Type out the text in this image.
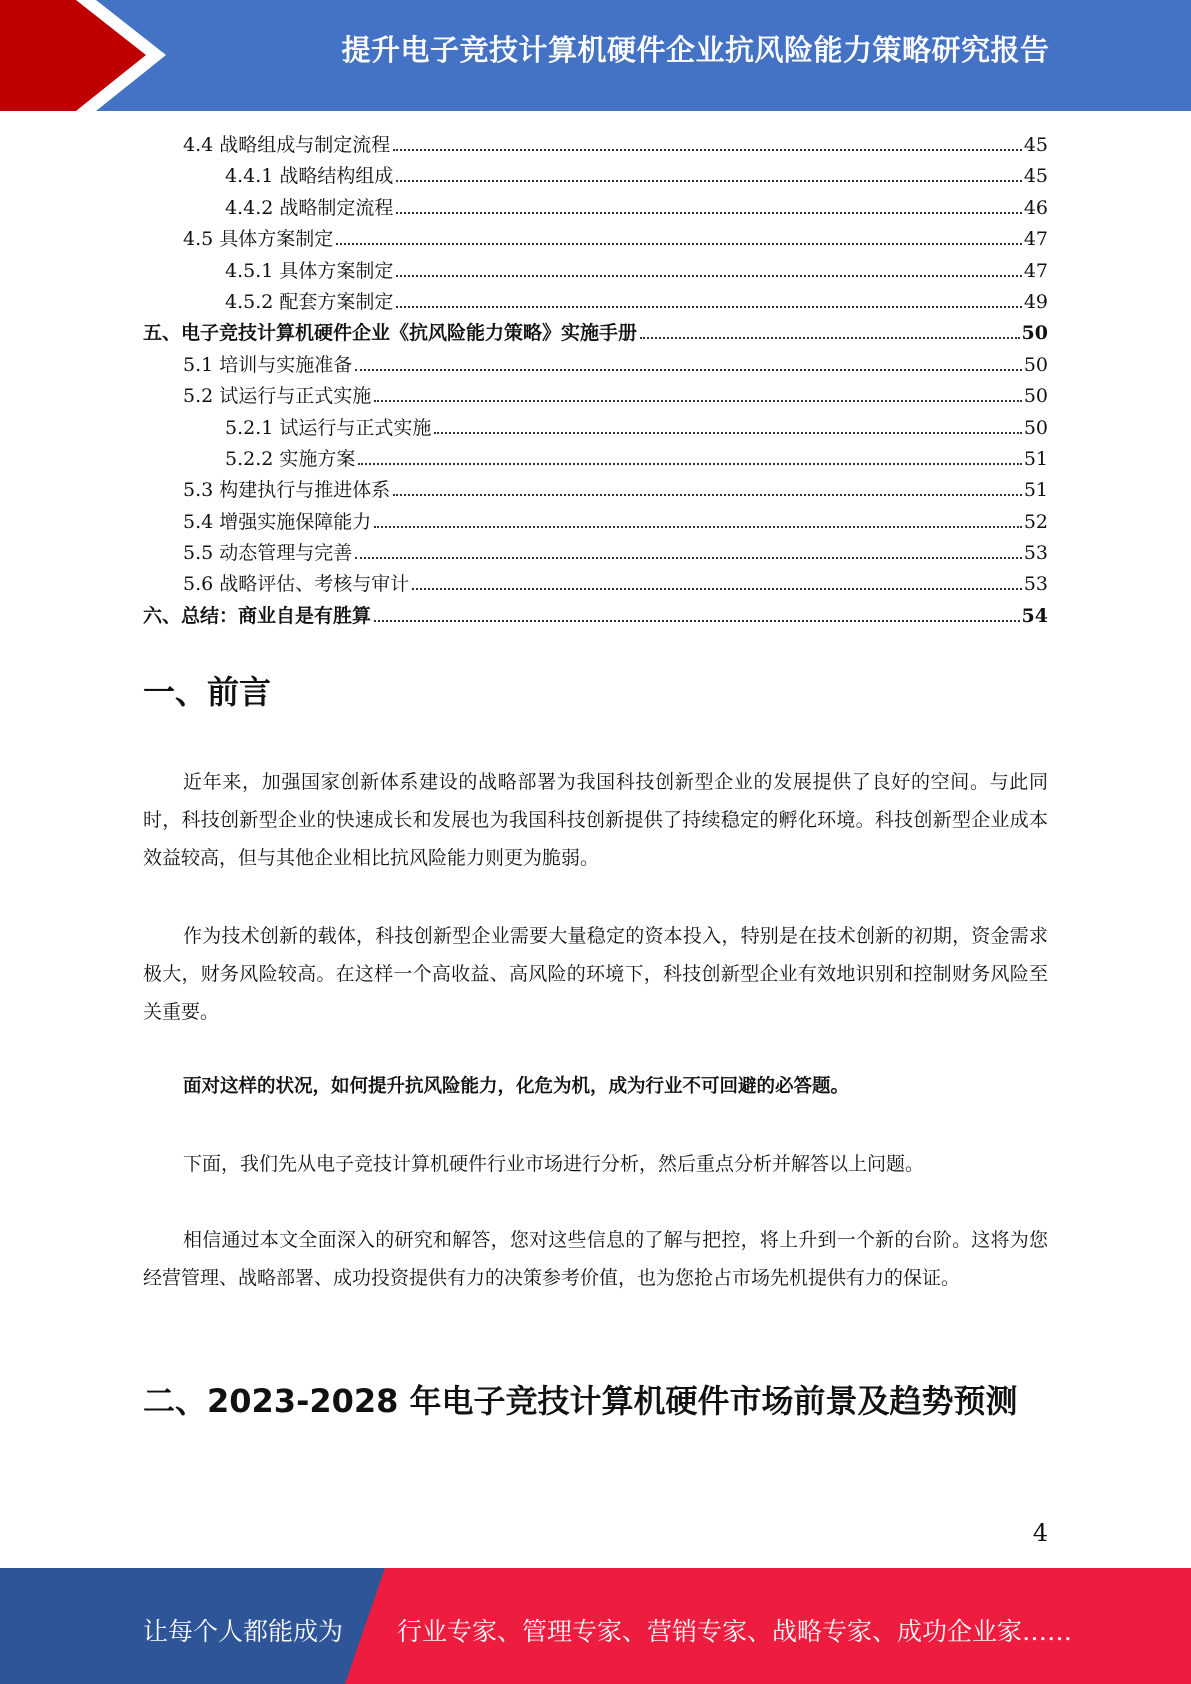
提升电子竞技计算机硬件企业抗风险能力策略研究报告
4.4 战略组成与制定流程	45
4.4.1 战略结构组成	45
4.4.2 战略制定流程	46
4.5 具体方案制定	47
4.5.1 具体方案制定	47
4.5.2 配套方案制定	49
五、电子竞技计算机硬件企业《抗风险能力策略》实施手册	50
5.1 培训与实施准备	50
5.2 试运行与正式实施	50
5.2.1 试运行与正式实施	50
5.2.2 实施方案	51
5.3 构建执行与推进体系	51
5.4 增强实施保障能力	52
5.5 动态管理与完善	53
5.6 战略评估、考核与审计	53
六、总结：商业自是有胜算	54
一、前言
近年来，加强国家创新体系建设的战略部署为我国科技创新型企业的发展提供了良好的空间。与此同时，科技创新型企业的快速成长和发展也为我国科技创新提供了持续稳定的孵化环境。科技创新型企业成本效益较高，但与其他企业相比抗风险能力则更为脆弱。
作为技术创新的载体，科技创新型企业需要大量稳定的资本投入，特别是在技术创新的初期，资金需求极大，财务风险较高。在这样一个高收益、高风险的环境下，科技创新型企业有效地识别和控制财务风险至关重要。
面对这样的状况，如何提升抗风险能力，化危为机，成为行业不可回避的必答题。
下面，我们先从电子竞技计算机硬件行业市场进行分析，然后重点分析并解答以上问题。
相信通过本文全面深入的研究和解答，您对这些信息的了解与把控，将上升到一个新的台阶。这将为您经营管理、战略部署、成功投资提供有力的决策参考价值，也为您抢占市场先机提供有力的保证。
二、2023-2028 年电子竞技计算机硬件市场前景及趋势预测
4
让每个人都能成为 行业专家、管理专家、营销专家、战略专家、成功企业家……
